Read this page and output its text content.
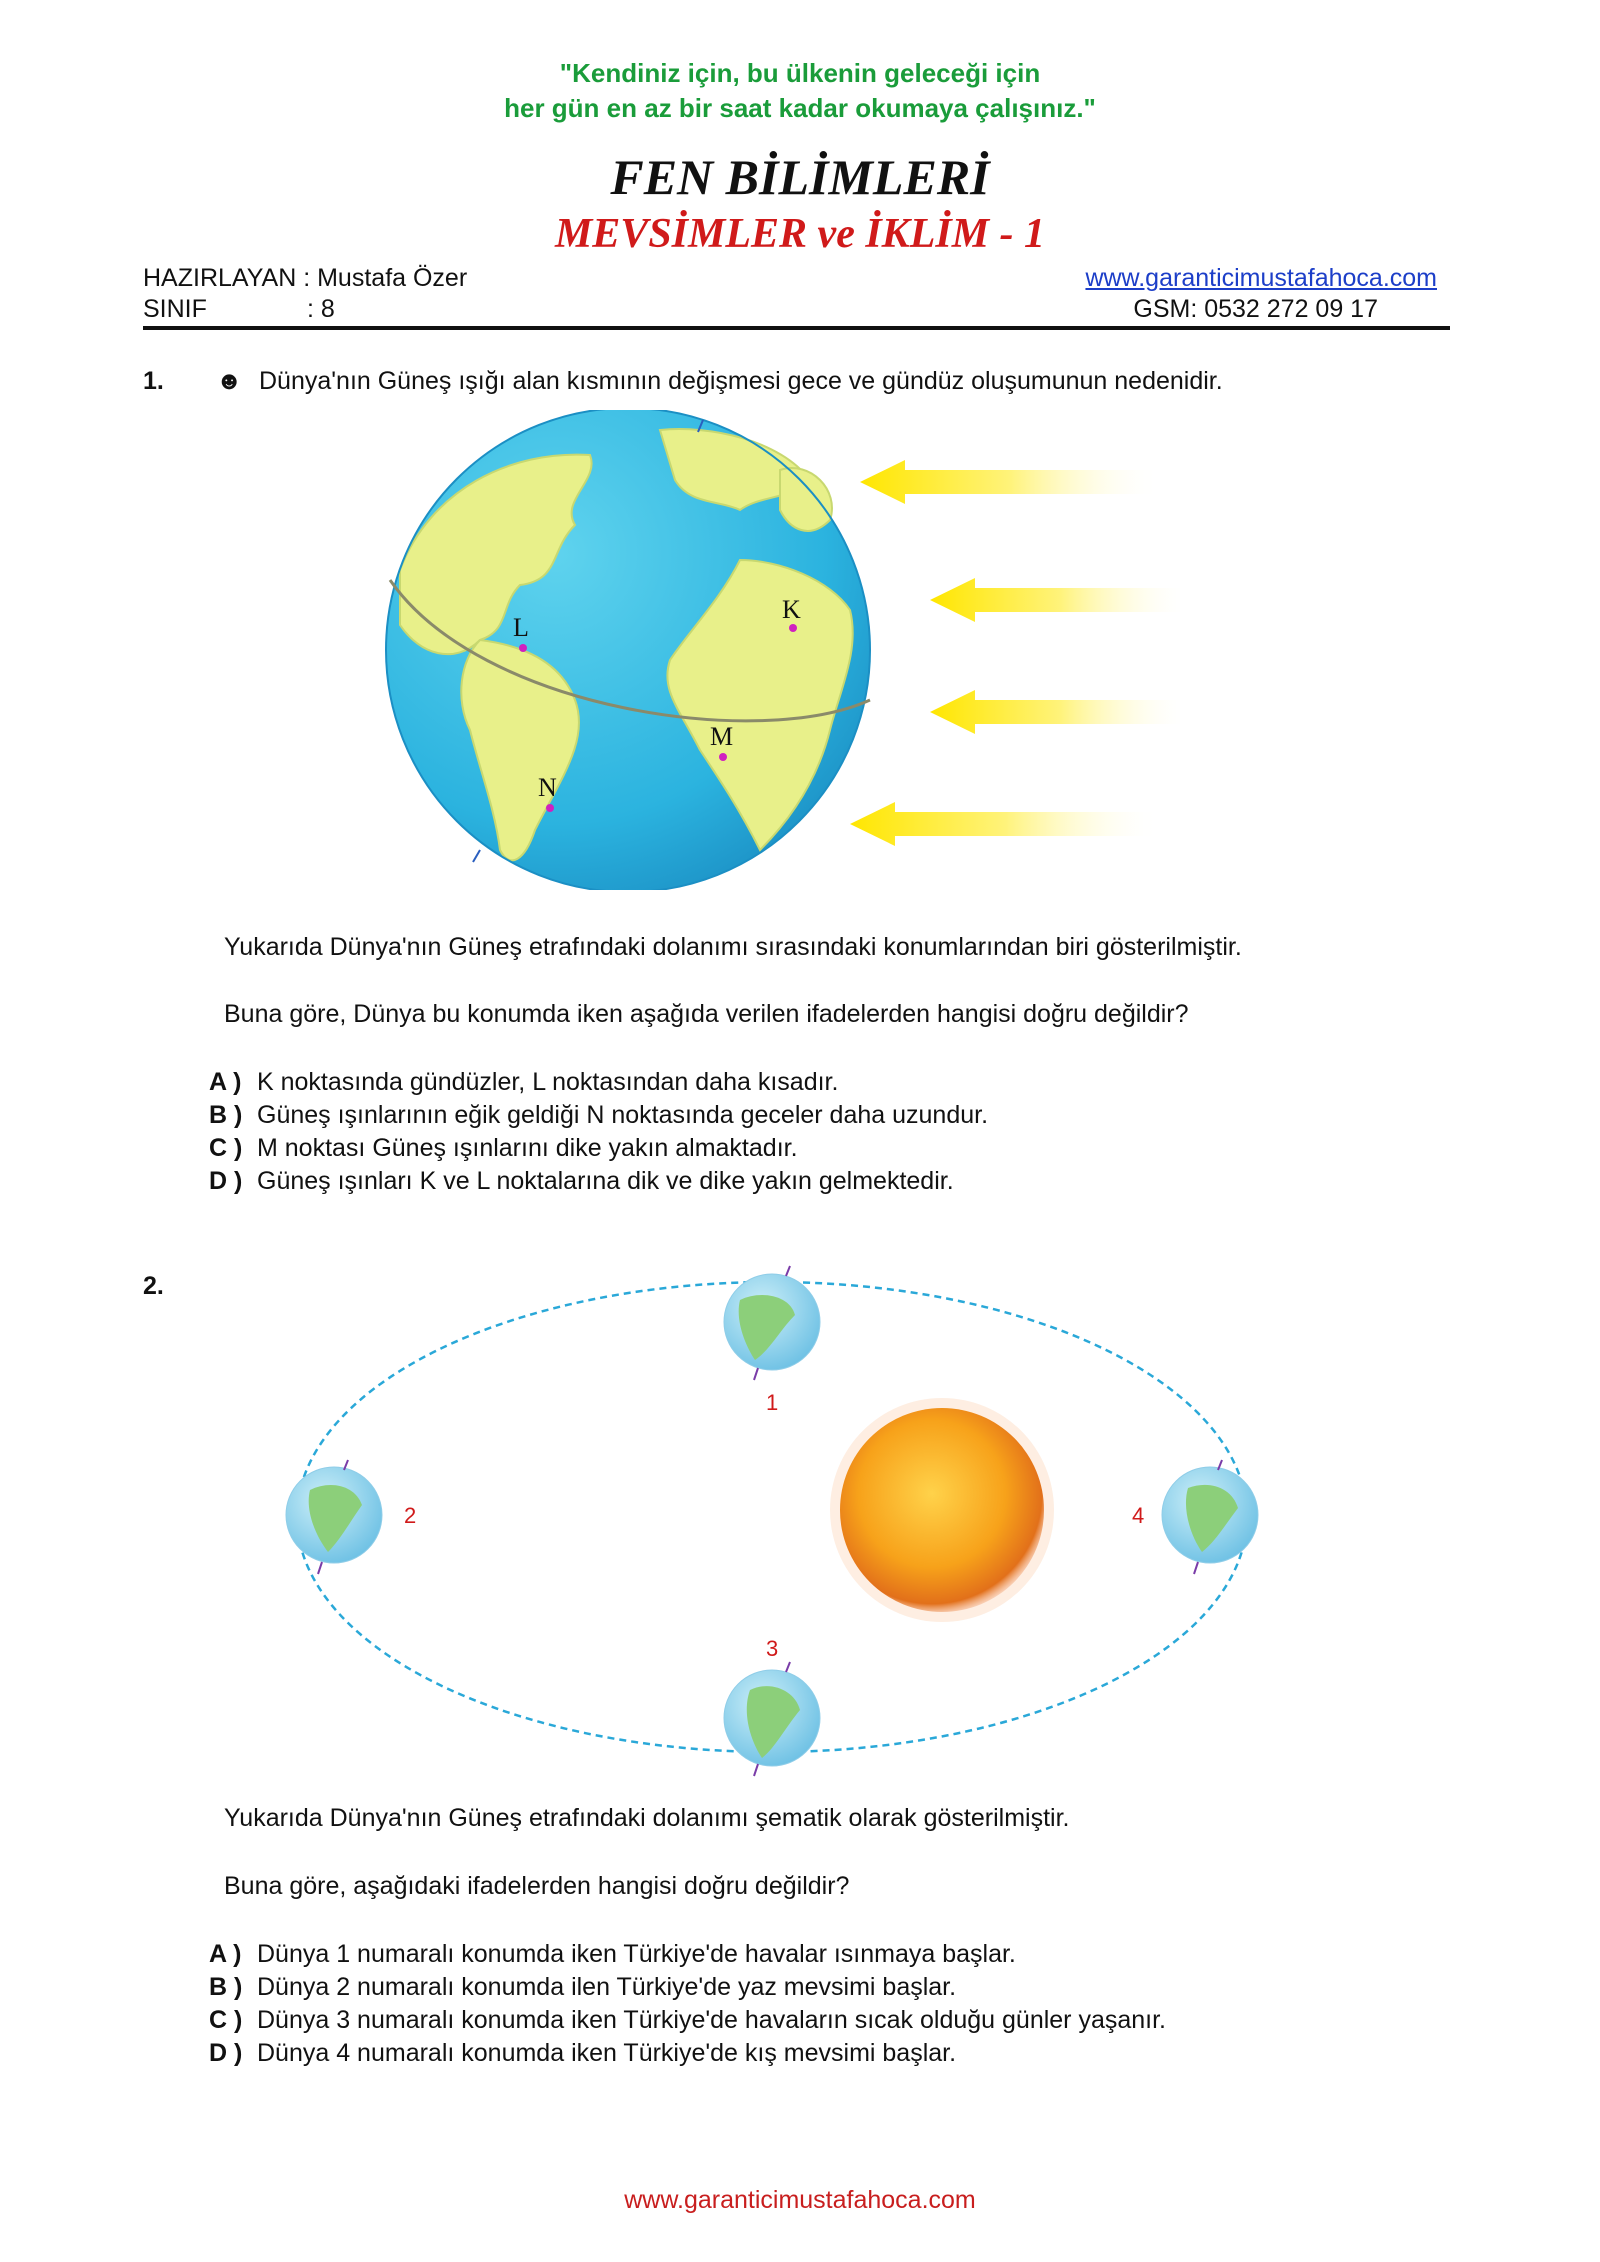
"Kendiniz için, bu ülkenin geleceği için
her gün en az bir saat kadar okumaya çalışınız."
FEN BİLİMLERİ
MEVSİMLER ve İKLİM - 1
HAZIRLAYAN : Mustafa Özer
SINIF	: 8
www.garanticimustafahoca.com
GSM: 0532 272 09 17
1. ☻ Dünya'nın Güneş ışığı alan kısmının değişmesi gece ve gündüz oluşumunun nedenidir.
K
L
M
N
Yukarıda Dünya'nın Güneş etrafındaki dolanımı sırasındaki konumlarından biri gösterilmiştir.
Buna göre, Dünya bu konumda iken aşağıda verilen ifadelerden hangisi doğru değildir?
A ) K noktasında gündüzler, L noktasından daha kısadır.
B ) Güneş ışınlarının eğik geldiği N noktasında geceler daha uzundur.
C ) M noktası Güneş ışınlarını dike yakın almaktadır.
D ) Güneş ışınları K ve L noktalarına dik ve dike yakın gelmektedir.
2.
1
2
3
4
Yukarıda Dünya'nın Güneş etrafındaki dolanımı şematik olarak gösterilmiştir.
Buna göre, aşağıdaki ifadelerden hangisi doğru değildir?
A ) Dünya 1 numaralı konumda iken Türkiye'de havalar ısınmaya başlar.
B ) Dünya 2 numaralı konumda ilen Türkiye'de yaz mevsimi başlar.
C ) Dünya 3 numaralı konumda iken Türkiye'de havaların sıcak olduğu günler yaşanır.
D ) Dünya 4 numaralı konumda iken Türkiye'de kış mevsimi başlar.
www.garanticimustafahoca.com
